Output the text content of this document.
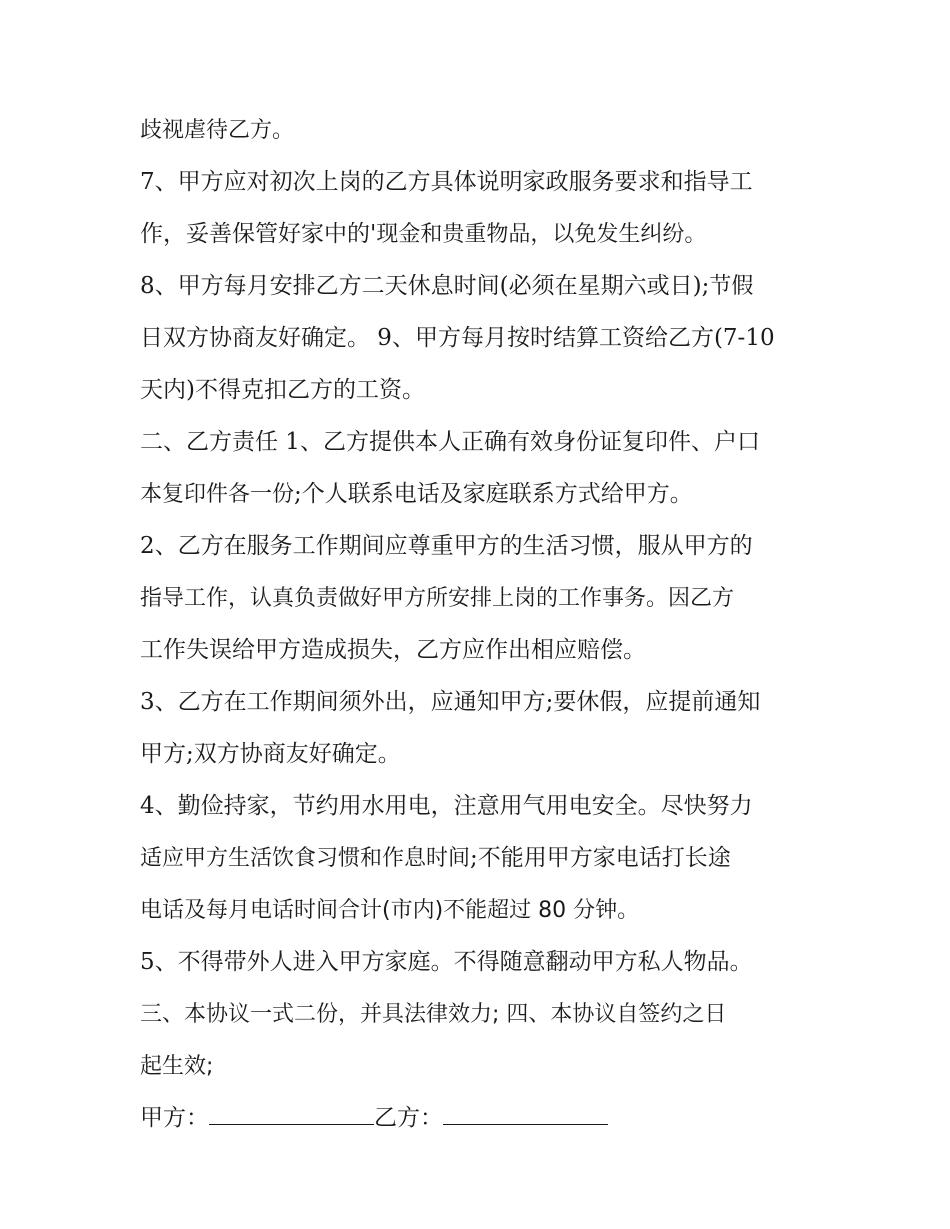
歧视虐待乙方。
7、甲方应对初次上岗的乙方具体说明家政服务要求和指导工
作，妥善保管好家中的'现金和贵重物品，以免发生纠纷。
8、甲方每月安排乙方二天休息时间(必须在星期六或日);节假
日双方协商友好确定。 9、甲方每月按时结算工资给乙方(7-10
天内)不得克扣乙方的工资。
二、乙方责任 1、乙方提供本人正确有效身份证复印件、户口
本复印件各一份;个人联系电话及家庭联系方式给甲方。
2、乙方在服务工作期间应尊重甲方的生活习惯，服从甲方的
指导工作，认真负责做好甲方所安排上岗的工作事务。因乙方
工作失误给甲方造成损失，乙方应作出相应赔偿。
3、乙方在工作期间须外出，应通知甲方;要休假，应提前通知
甲方;双方协商友好确定。
4、勤俭持家，节约用水用电，注意用气用电安全。尽快努力
适应甲方生活饮食习惯和作息时间;不能用甲方家电话打长途
电话及每月电话时间合计(市内)不能超过 80 分钟。
5、不得带外人进入甲方家庭。不得随意翻动甲方私人物品。
三、本协议一式二份，并具法律效力; 四、本协议自签约之日
起生效;
甲方：	乙方：
